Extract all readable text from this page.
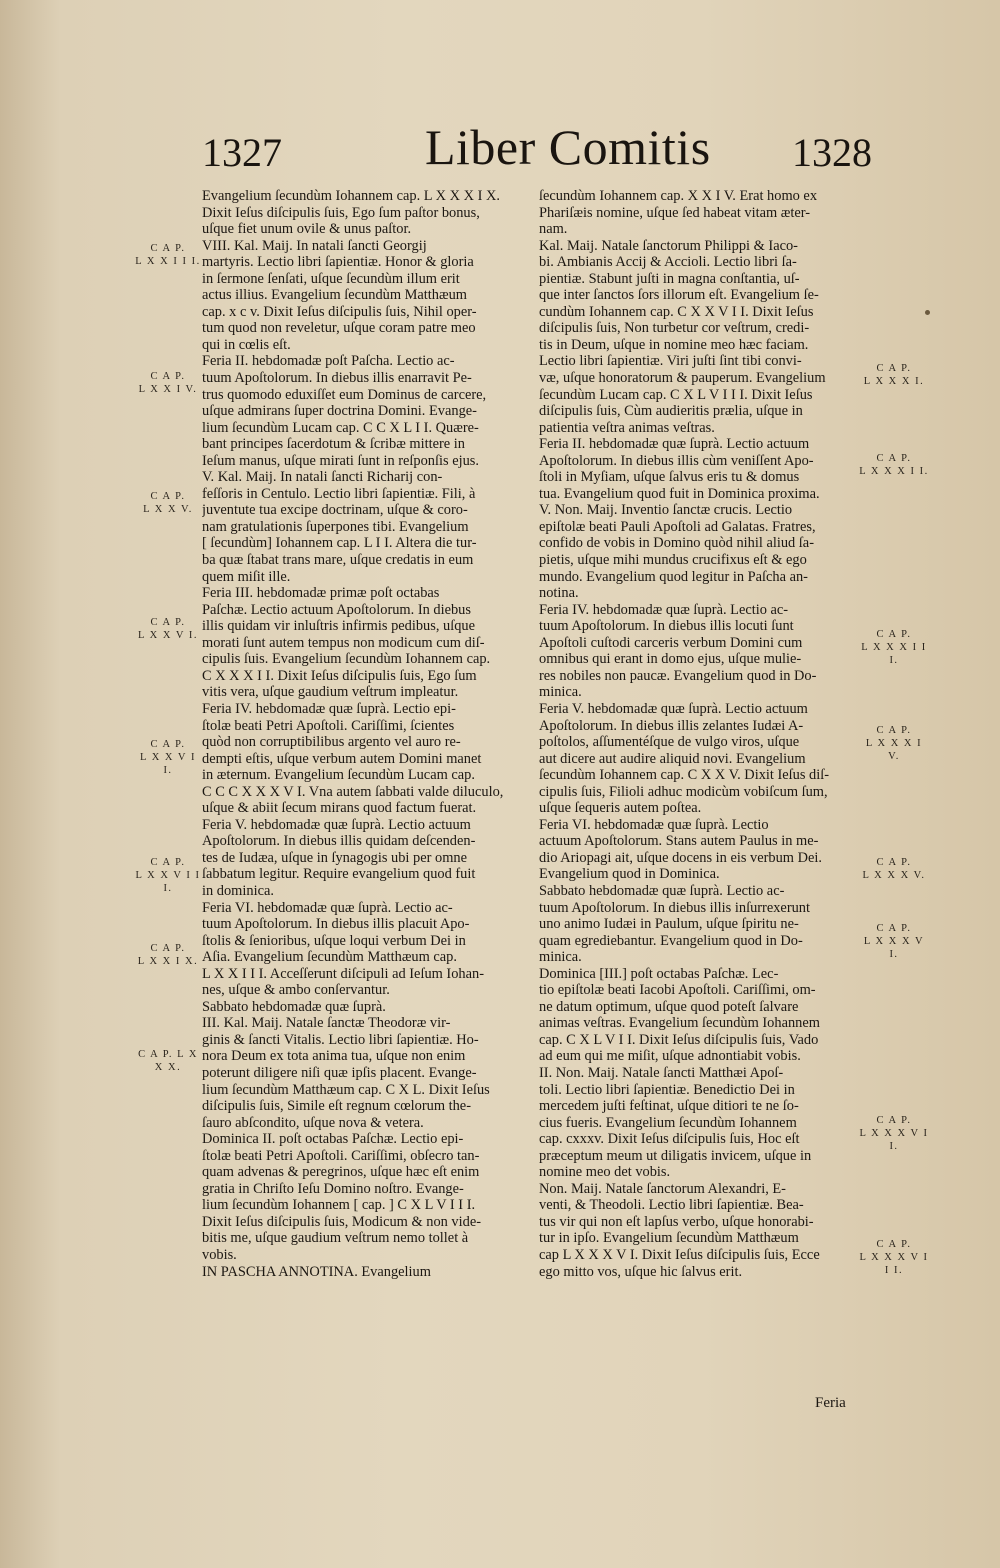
1327	Liber Comitis 1328
Evangelium ſecundùm Iohannem cap. L X X X I X.
Dixit Ieſus diſcipulis ſuis, Ego ſum paſtor bonus,
uſque fiet unum ovile & unus paſtor.
VIII. Kal. Maij. In natali ſancti Georgij
martyris. Lectio libri ſapientiæ. Honor & gloria
in ſermone ſenſati, uſque ſecundùm illum erit
actus illius. Evangelium ſecundùm Matthæum
cap. x c v. Dixit Ieſus diſcipulis ſuis, Nihil oper-
tum quod non reveletur, uſque coram patre meo
qui in cœlis eſt.
Feria II. hebdomadæ poſt Paſcha. Lectio ac-
tuum Apoſtolorum. In diebus illis enarravit Pe-
trus quomodo eduxiſſet eum Dominus de carcere,
uſque admirans ſuper doctrina Domini. Evange-
lium ſecundùm Lucam cap. C C X L I I. Quære-
bant principes ſacerdotum & ſcribæ mittere in
Ieſum manus, uſque mirati ſunt in reſponſis ejus.
V. Kal. Maij. In natali ſancti Richarij con-
feſſoris in Centulo. Lectio libri ſapientiæ. Fili, à
juventute tua excipe doctrinam, uſque & coro-
nam gratulationis ſuperpones tibi. Evangelium
[ ſecundùm] Iohannem cap. L I I. Altera die tur-
ba quæ ſtabat trans mare, uſque credatis in eum
quem miſit ille.
Feria III. hebdomadæ primæ poſt octabas
Paſchæ. Lectio actuum Apoſtolorum. In diebus
illis quidam vir inluſtris infirmis pedibus, uſque
morati ſunt autem tempus non modicum cum diſ-
cipulis ſuis. Evangelium ſecundùm Iohannem cap.
C X X X I I. Dixit Ieſus diſcipulis ſuis, Ego ſum
vitis vera, uſque gaudium veſtrum impleatur.
Feria IV. hebdomadæ quæ ſuprà. Lectio epi-
ſtolæ beati Petri Apoſtoli. Cariſſimi, ſcientes
quòd non corruptibilibus argento vel auro re-
dempti eſtis, uſque verbum autem Domini manet
in æternum. Evangelium ſecundùm Lucam cap.
C C C X X X V I. Vna autem ſabbati valde diluculo,
uſque & abiit ſecum mirans quod factum fuerat.
Feria V. hebdomadæ quæ ſuprà. Lectio actuum
Apoſtolorum. In diebus illis quidam deſcenden-
tes de Iudæa, uſque in ſynagogis ubi per omne
ſabbatum legitur. Require evangelium quod fuit
in dominica.
Feria VI. hebdomadæ quæ ſuprà. Lectio ac-
tuum Apoſtolorum. In diebus illis placuit Apo-
ſtolis & ſenioribus, uſque loqui verbum Dei in
Aſia. Evangelium ſecundùm Matthæum cap.
L X X I I I. Acceſſerunt diſcipuli ad Ieſum Iohan-
nes, uſque & ambo conſervantur.
Sabbato hebdomadæ quæ ſuprà.
III. Kal. Maij. Natale ſanctæ Theodoræ vir-
ginis & ſancti Vitalis. Lectio libri ſapientiæ. Ho-
nora Deum ex tota anima tua, uſque non enim
poterunt diligere niſi quæ ipſis placent. Evange-
lium ſecundùm Matthæum cap. C X L. Dixit Ieſus
diſcipulis ſuis, Simile eſt regnum cœlorum the-
ſauro abſcondito, uſque nova & vetera.
Dominica II. poſt octabas Paſchæ. Lectio epi-
ſtolæ beati Petri Apoſtoli. Cariſſimi, obſecro tan-
quam advenas & peregrinos, uſque hæc eſt enim
gratia in Chriſto Ieſu Domino noſtro. Evange-
lium ſecundùm Iohannem [ cap. ] C X L V I I I.
Dixit Ieſus diſcipulis ſuis, Modicum & non vide-
bitis me, uſque gaudium veſtrum nemo tollet à
vobis.
IN PASCHA ANNOTINA. Evangelium
ſecundùm Iohannem cap. X X I V. Erat homo ex
Phariſæis nomine, uſque ſed habeat vitam æter-
nam.
Kal. Maij. Natale ſanctorum Philippi & Iaco-
bi. Ambianis Accij & Accioli. Lectio libri ſa-
pientiæ. Stabunt juſti in magna conſtantia, uſ-
que inter ſanctos ſors illorum eſt. Evangelium ſe-
cundùm Iohannem cap. C X X V I I. Dixit Ieſus
diſcipulis ſuis, Non turbetur cor veſtrum, credi-
tis in Deum, uſque in nomine meo hæc faciam.
Lectio libri ſapientiæ. Viri juſti ſint tibi convi-
væ, uſque honoratorum & pauperum. Evangelium
ſecundùm Lucam cap. C X L V I I I. Dixit Ieſus
diſcipulis ſuis, Cùm audieritis prælia, uſque in
patientia veſtra animas veſtras.
Feria II. hebdomadæ quæ ſuprà. Lectio actuum
Apoſtolorum. In diebus illis cùm veniſſent Apo-
ſtoli in Myſiam, uſque ſalvus eris tu & domus
tua. Evangelium quod fuit in Dominica proxima.
V. Non. Maij. Inventio ſanctæ crucis. Lectio
epiſtolæ beati Pauli Apoſtoli ad Galatas. Fratres,
confido de vobis in Domino quòd nihil aliud ſa-
pietis, uſque mihi mundus crucifixus eſt & ego
mundo. Evangelium quod legitur in Paſcha an-
notina.
Feria IV. hebdomadæ quæ ſuprà. Lectio ac-
tuum Apoſtolorum. In diebus illis locuti ſunt
Apoſtoli cuſtodi carceris verbum Domini cum
omnibus qui erant in domo ejus, uſque mulie-
res nobiles non paucæ. Evangelium quod in Do-
minica.
Feria V. hebdomadæ quæ ſuprà. Lectio actuum
Apoſtolorum. In diebus illis zelantes Iudæi A-
poſtolos, aſſumentéſque de vulgo viros, uſque
aut dicere aut audire aliquid novi. Evangelium
ſecundùm Iohannem cap. C X X V. Dixit Ieſus diſ-
cipulis ſuis, Filioli adhuc modicùm vobiſcum ſum,
uſque ſequeris autem poſtea.
Feria VI. hebdomadæ quæ ſuprà. Lectio
actuum Apoſtolorum. Stans autem Paulus in me-
dio Ariopagi ait, uſque docens in eis verbum Dei.
Evangelium quod in Dominica.
Sabbato hebdomadæ quæ ſuprà. Lectio ac-
tuum Apoſtolorum. In diebus illis inſurrexerunt
uno animo Iudæi in Paulum, uſque ſpiritu ne-
quam egrediebantur. Evangelium quod in Do-
minica.
Dominica [III.] poſt octabas Paſchæ. Lec-
tio epiſtolæ beati Iacobi Apoſtoli. Cariſſimi, om-
ne datum optimum, uſque quod poteſt ſalvare
animas veſtras. Evangelium ſecundùm Iohannem
cap. C X L V I I. Dixit Ieſus diſcipulis ſuis, Vado
ad eum qui me miſit, uſque adnontiabit vobis.
II. Non. Maij. Natale ſancti Matthæi Apoſ-
toli. Lectio libri ſapientiæ. Benedictio Dei in
mercedem juſti feſtinat, uſque ditiori te ne ſo-
cius fueris. Evangelium ſecundùm Iohannem
cap. cxxxv. Dixit Ieſus diſcipulis ſuis, Hoc eſt
præceptum meum ut diligatis invicem, uſque in
nomine meo det vobis.
Non. Maij. Natale ſanctorum Alexandri, E-
venti, & Theodoli. Lectio libri ſapientiæ. Bea-
tus vir qui non eſt lapſus verbo, uſque honorabi-
tur in ipſo. Evangelium ſecundùm Matthæum
cap L X X X V I. Dixit Ieſus diſcipulis ſuis, Ecce
ego mitto vos, uſque hic ſalvus erit.
C A P.
L X X I I I.
C A P.
L X X I V.
C A P.
L X X V.
C A P.
L X X V I.
C A P.
L X X V I I.
C A P.
L X X V I I I.
C A P.
L X X I X.
C A P. L X X X.
C A P.
L X X X I.
C A P.
L X X X I I.
C A P.
L X X X I I I.
C A P.
L X X X I V.
C A P.
L X X X V.
C A P.
L X X X V I.
C A P.
L X X X V I I.
C A P.
L X X X V I I I.
Feria
